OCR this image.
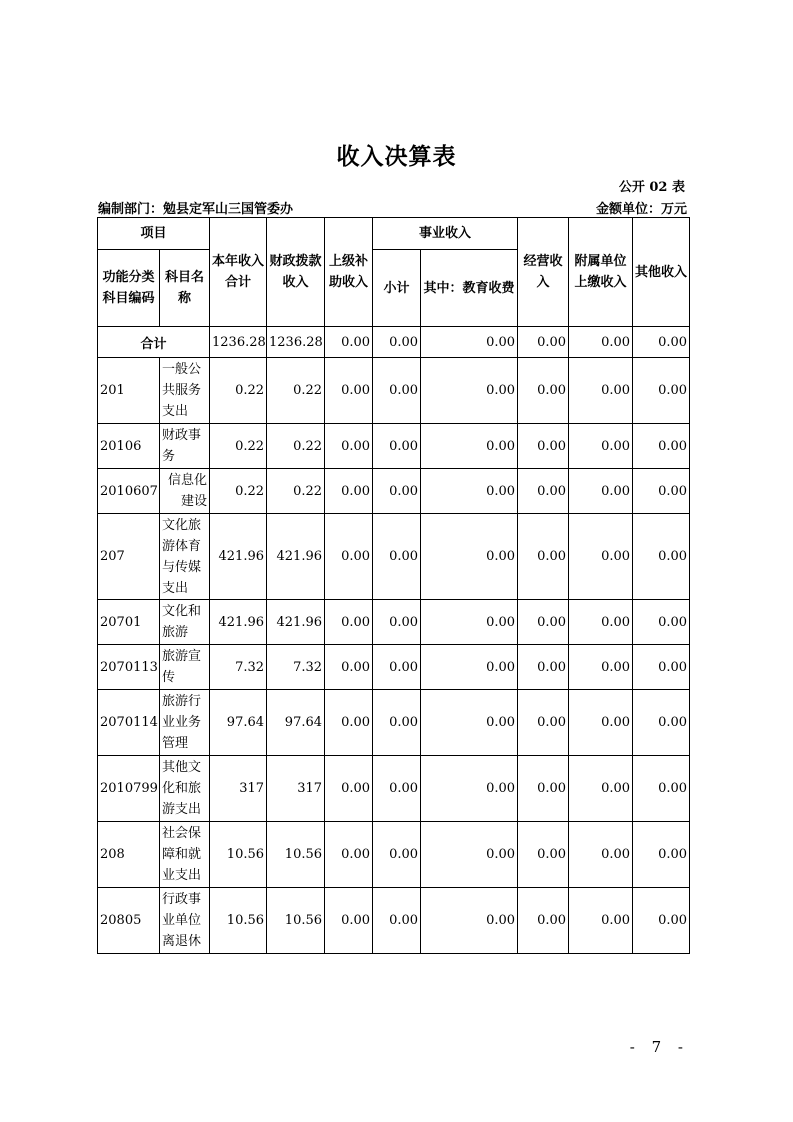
收入决算表
公开 02 表
编制部门：勉县定军山三国管委办	金额单位：万元
项目		本年收入合计	财政拨款收入	上级补助收入	事业收入		经营收入	附属单位上缴收入	其他收入
功能分类科目编码	科目名称				小计	其中：教育收费			
合计		1236.28	1236.28	0.00	0.00	0.00	0.00	0.00	0.00
201	一般公共服务支出	0.22	0.22	0.00	0.00	0.00	0.00	0.00	0.00
20106	财政事务	0.22	0.22	0.00	0.00	0.00	0.00	0.00	0.00
2010607	信息化建设	0.22	0.22	0.00	0.00	0.00	0.00	0.00	0.00
207	文化旅游体育与传媒支出	421.96	421.96	0.00	0.00	0.00	0.00	0.00	0.00
20701	文化和旅游	421.96	421.96	0.00	0.00	0.00	0.00	0.00	0.00
2070113	旅游宣传	7.32	7.32	0.00	0.00	0.00	0.00	0.00	0.00
2070114	旅游行业业务管理	97.64	97.64	0.00	0.00	0.00	0.00	0.00	0.00
2010799	其他文化和旅游支出	317	317	0.00	0.00	0.00	0.00	0.00	0.00
208	社会保障和就业支出	10.56	10.56	0.00	0.00	0.00	0.00	0.00	0.00
20805	行政事业单位离退休	10.56	10.56	0.00	0.00	0.00	0.00	0.00	0.00
- 7 -
